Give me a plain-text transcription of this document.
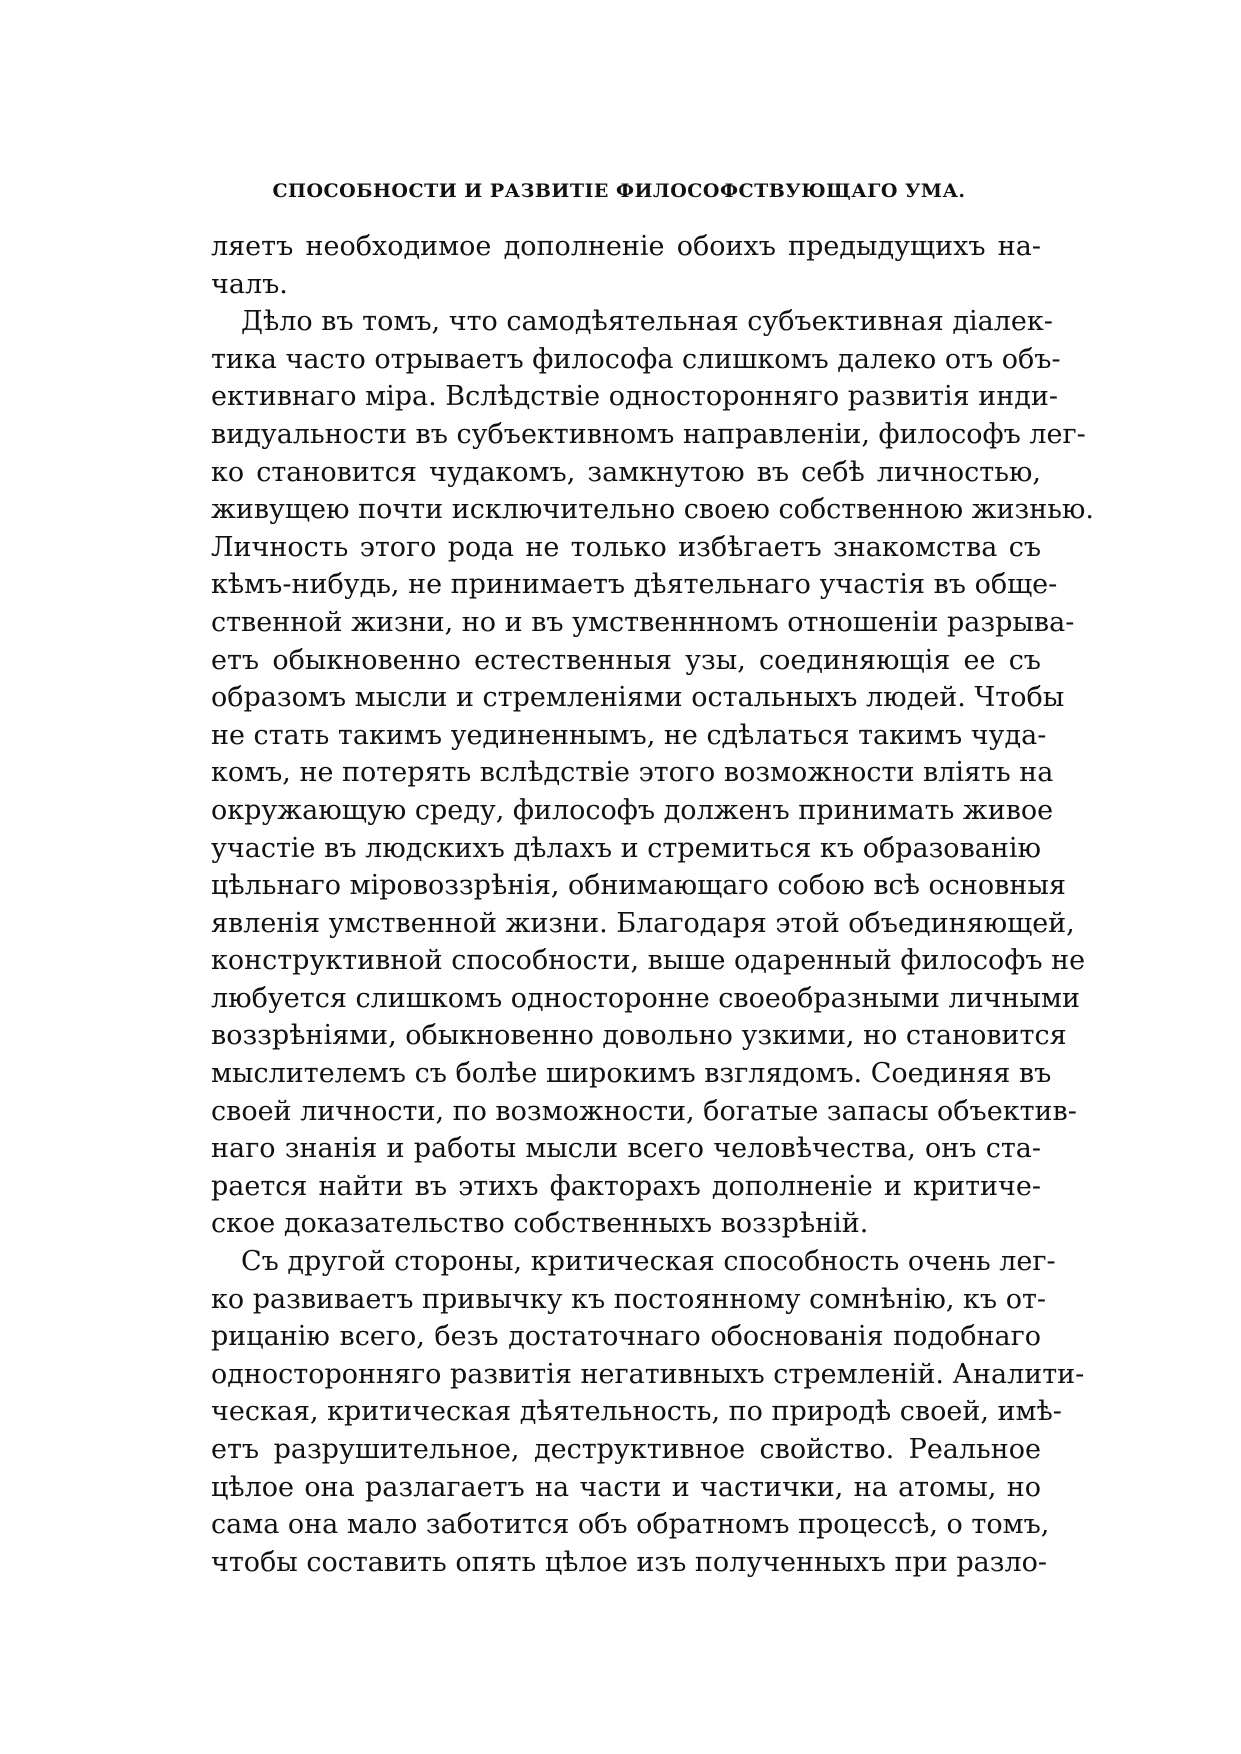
СПОСОБНОСТИ И РАЗВИТІЕ ФИЛОСОФСТВУЮЩАГО УМА.
ляетъ необходимое дополненіе обоихъ предыдущихъ на-
чалъ.
Дѣло въ томъ, что самодѣятельная субъективная діалек-
тика часто отрываетъ философа слишкомъ далеко отъ объ-
ективнаго міра. Вслѣдствіе односторонняго развитія инди-
видуальности въ субъективномъ направленіи, философъ лег-
ко становится чудакомъ, замкнутою въ себѣ личностью,
живущею почти исключительно своею собственною жизнью.
Личность этого рода не только избѣгаетъ знакомства съ
кѣмъ-нибудь, не принимаетъ дѣятельнаго участія въ обще-
ственной жизни, но и въ умственнномъ отношеніи разрыва-
етъ обыкновенно естественныя узы, соединяющія ее съ
образомъ мысли и стремленіями остальныхъ людей. Чтобы
не стать такимъ уединеннымъ, не сдѣлаться такимъ чуда-
комъ, не потерять вслѣдствіе этого возможности вліять на
окружающую среду, философъ долженъ принимать живое
участіе въ людскихъ дѣлахъ и стремиться къ образованію
цѣльнаго міровоззрѣнія, обнимающаго собою всѣ основныя
явленія умственной жизни. Благодаря этой объединяющей,
конструктивной способности, выше одаренный философъ не
любуется слишкомъ односторонне своеобразными личными
воззрѣніями, обыкновенно довольно узкими, но становится
мыслителемъ съ болѣе широкимъ взглядомъ. Соединяя въ
своей личности, по возможности, богатые запасы объектив-
наго знанія и работы мысли всего человѣчества, онъ ста-
рается найти въ этихъ факторахъ дополненіе и критиче-
ское доказательство собственныхъ воззрѣній.
Съ другой стороны, критическая способность очень лег-
ко развиваетъ привычку къ постоянному сомнѣнію, къ от-
рицанію всего, безъ достаточнаго обоснованія подобнаго
односторонняго развитія негативныхъ стремленій. Аналити-
ческая, критическая дѣятельность, по природѣ своей, имѣ-
етъ разрушительное, деструктивное свойство. Реальное
цѣлое она разлагаетъ на части и частички, на атомы, но
сама она мало заботится объ обратномъ процессѣ, о томъ,
чтобы составить опять цѣлое изъ полученныхъ при разло-
